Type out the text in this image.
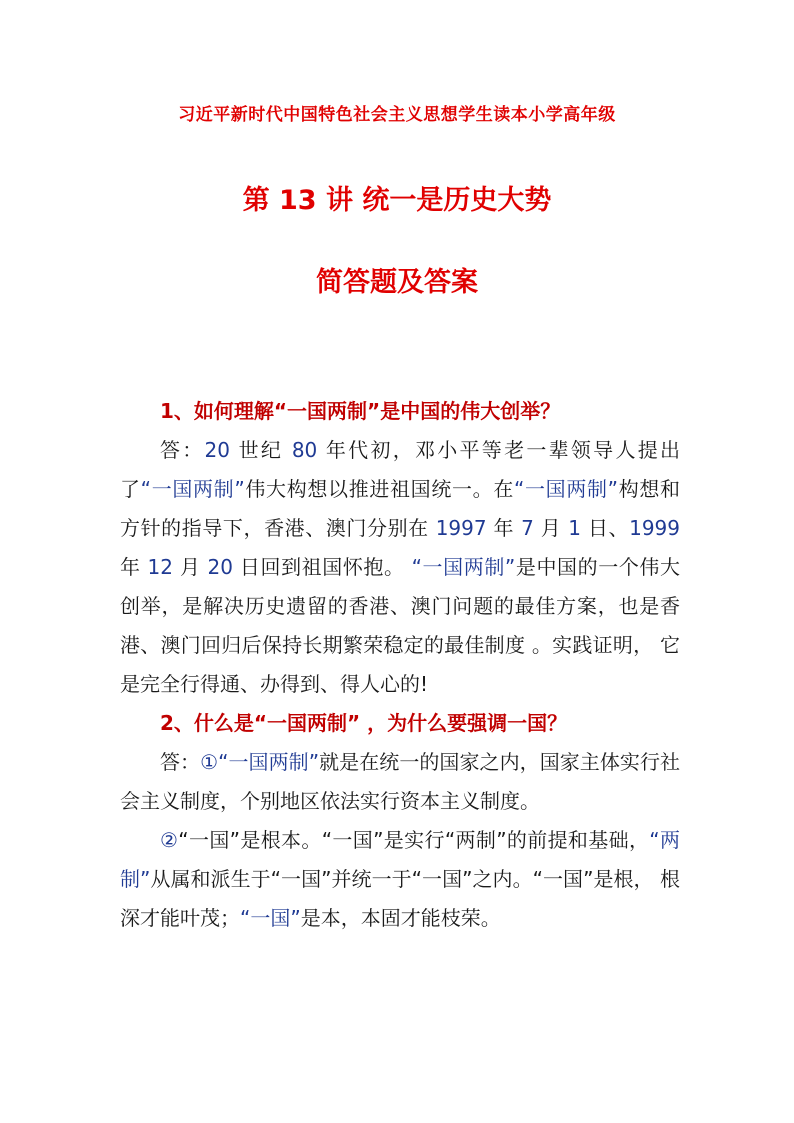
习近平新时代中国特色社会主义思想学生读本小学高年级
第 13 讲 统一是历史大势
简答题及答案

1、如何理解“一国两制”是中国的伟大创举？

答：20 世纪 80 年代初，邓小平等老一辈领导人提出了“一国两制”伟大构想以推进祖国统一。在“一国两制”构想和方针的指导下，香港、澳门分别在 1997 年 7 月 1 日、1999 年 12 月 20 日回到祖国怀抱。 “一国两制”是中国的一个伟大创举，是解决历史遗留的香港、澳门问题的最佳方案，也是香港、澳门回归后保持长期繁荣稳定的最佳制度 。实践证明， 它是完全行得通、办得到、得人心的!

2、什么是“一国两制” ，为什么要强调一国？

答：①“一国两制”就是在统一的国家之内，国家主体实行社会主义制度，个别地区依法实行资本主义制度。

②“一国”是根本。“一国”是实行“两制”的前提和基础，“两制”从属和派生于“一国”并统一于“一国”之内。“一国”是根， 根深才能叶茂；“一国”是本，本固才能枝荣。
